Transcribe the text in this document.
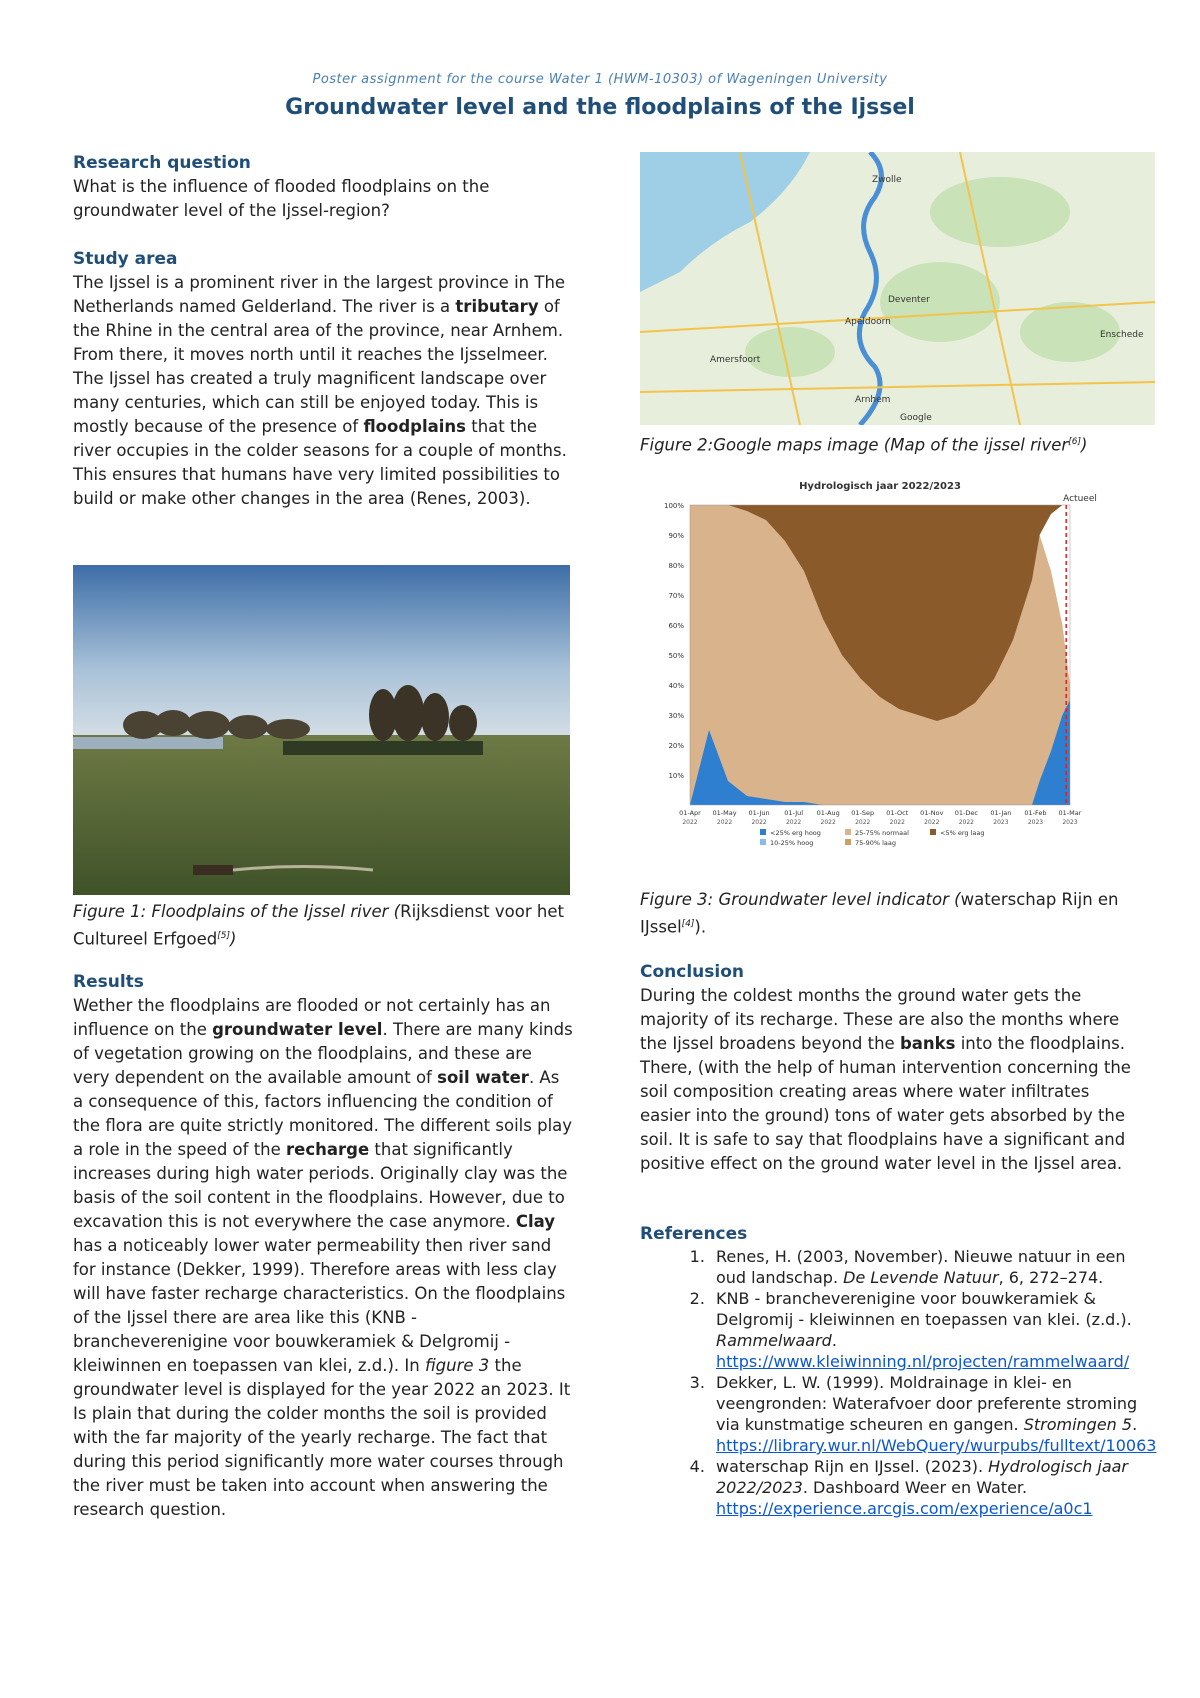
Poster assignment for the course Water 1 (HWM-10303) of Wageningen University
Groundwater level and the floodplains of the Ijssel
Research question

What is the influence of flooded floodplains on the groundwater level of the Ijssel-region?

Study area

The Ijssel is a prominent river in the largest province in The Netherlands named Gelderland. The river is a tributary of the Rhine in the central area of the province, near Arnhem. From there, it moves north until it reaches the Ijsselmeer. The Ijssel has created a truly magnificent landscape over many centuries, which can still be enjoyed today. This is mostly because of the presence of floodplains that the river occupies in the colder seasons for a couple of months. This ensures that humans have very limited possibilities to build or make other changes in the area (Renes, 2003).

Figure 1: Floodplains of the Ijssel river (Rijksdienst voor het Cultureel Erfgoed[5])
Results

Wether the floodplains are flooded or not certainly has an influence on the groundwater level. There are many kinds of vegetation growing on the floodplains, and these are very dependent on the available amount of soil water. As a consequence of this, factors influencing the condition of the flora are quite strictly monitored. The different soils play a role in the speed of the recharge that significantly increases during high water periods. Originally clay was the basis of the soil content in the floodplains. However, due to excavation this is not everywhere the case anymore. Clay has a noticeably lower water permeability then river sand for instance (Dekker, 1999). Therefore areas with less clay will have faster recharge characteristics. On the floodplains of the Ijssel there are area like this (KNB - brancheverenigine voor bouwkeramiek & Delgromij - kleiwinnen en toepassen van klei, z.d.). In figure 3 the groundwater level is displayed for the year 2022 an 2023. It Is plain that during the colder months the soil is provided with the far majority of the yearly recharge. The fact that during this period significantly more water courses through the river must be taken into account when answering the research question.

Zwolle
Deventer
Apeldoorn
Amersfoort
Arnhem
Enschede
Google
Figure 2:Google maps image (Map of the ijssel river[6])
Hydrologisch jaar 2022/2023
Actueel
100%
90%
80%
70%
60%
50%
40%
30%
20%
10%
01-Apr
2022
01-May
2022
01-Jun
2022
01-Jul
2022
01-Aug
2022
01-Sep
2022
01-Oct
2022
01-Nov
2022
01-Dec
2022
01-Jan
2023
01-Feb
2023
01-Mar
2023
<25% erg hoog	25-75% normaal	<5% erg laag
10-25% hoog	75-90% laag
Figure 3: Groundwater level indicator (waterschap Rijn en IJssel[4]).
Conclusion

During the coldest months the ground water gets the majority of its recharge. These are also the months where the Ijssel broadens beyond the banks into the floodplains. There, (with the help of human intervention concerning the soil composition creating areas where water infiltrates easier into the ground) tons of water gets absorbed by the soil. It is safe to say that floodplains have a significant and positive effect on the ground water level in the Ijssel area.

References
1. Renes, H. (2003, November). Nieuwe natuur in een oud landschap. De Levende Natuur, 6, 272–274.
2. KNB - brancheverenigine voor bouwkeramiek & Delgromij - kleiwinnen en toepassen van klei. (z.d.). Rammelwaard. https://www.kleiwinning.nl/projecten/rammelwaard/
3. Dekker, L. W. (1999). Moldrainage in klei- en veengronden: Waterafvoer door preferente stroming via kunstmatige scheuren en gangen. Stromingen 5. https://library.wur.nl/WebQuery/wurpubs/fulltext/10063
4. waterschap Rijn en IJssel. (2023). Hydrologisch jaar 2022/2023. Dashboard Weer en Water. https://experience.arcgis.com/experience/a0c1
